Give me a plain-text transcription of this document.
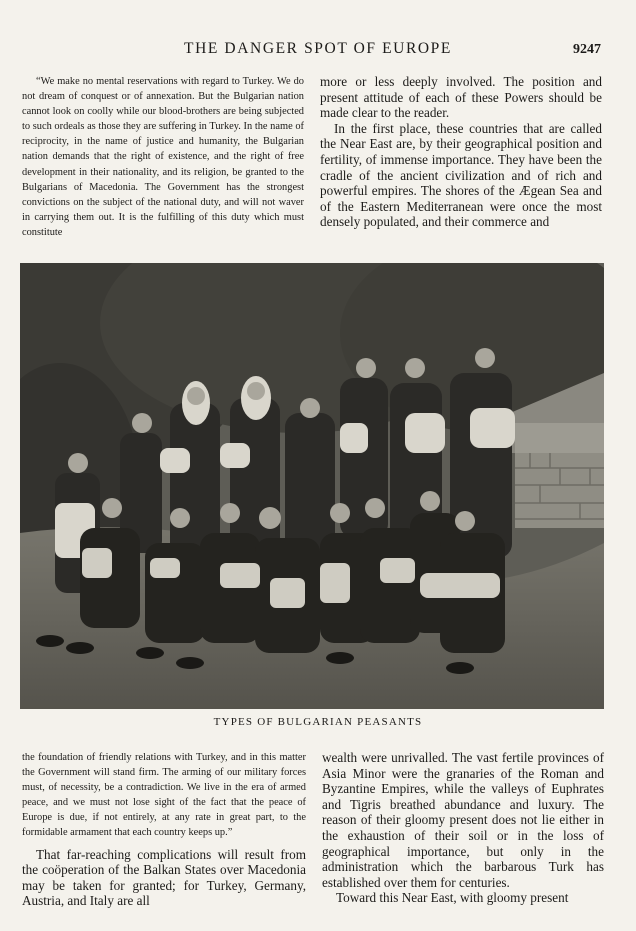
THE DANGER SPOT OF EUROPE	9247

“We make no mental reservations with regard to Turkey. We do not dream of conquest or of annexation. But the Bulgarian nation cannot look on coolly while our blood-brothers are being subjected to such ordeals as those they are suffering in Turkey. In the name of reciprocity, in the name of justice and humanity, the Bulgarian nation demands that the right of existence, and the right of free development in their nationality, and its religion, be granted to the Bulgarians of Macedonia. The Government has the strongest convictions on the subject of the national duty, and will not waver in carrying them out. It is the fulfilling of this duty which must constitute

more or less deeply involved. The position and present attitude of each of these Powers should be made clear to the reader.

In the first place, these countries that are called the Near East are, by their geographical position and fertility, of immense importance. They have been the cradle of the ancient civilization and of rich and powerful empires. The shores of the Ægean Sea and of the Eastern Mediterranean were once the most densely populated, and their commerce and

TYPES OF BULGARIAN PEASANTS

the foundation of friendly relations with Turkey, and in this matter the Government will stand firm. The arming of our military forces must, of necessity, be a contradiction. We live in the era of armed peace, and we must not lose sight of the fact that the peace of Europe is due, if not entirely, at any rate in great part, to the formidable armament that each country keeps up.”

That far-reaching complications will result from the coöperation of the Balkan States over Macedonia may be taken for granted; for Turkey, Germany, Austria, and Italy are all

wealth were unrivalled. The vast fertile provinces of Asia Minor were the granaries of the Roman and Byzantine Empires, while the valleys of Euphrates and Tigris breathed abundance and luxury. The reason of their gloomy present does not lie either in the exhaustion of their soil or in the loss of geographical importance, but only in the administration which the barbarous Turk has established over them for centuries.

Toward this Near East, with gloomy present
